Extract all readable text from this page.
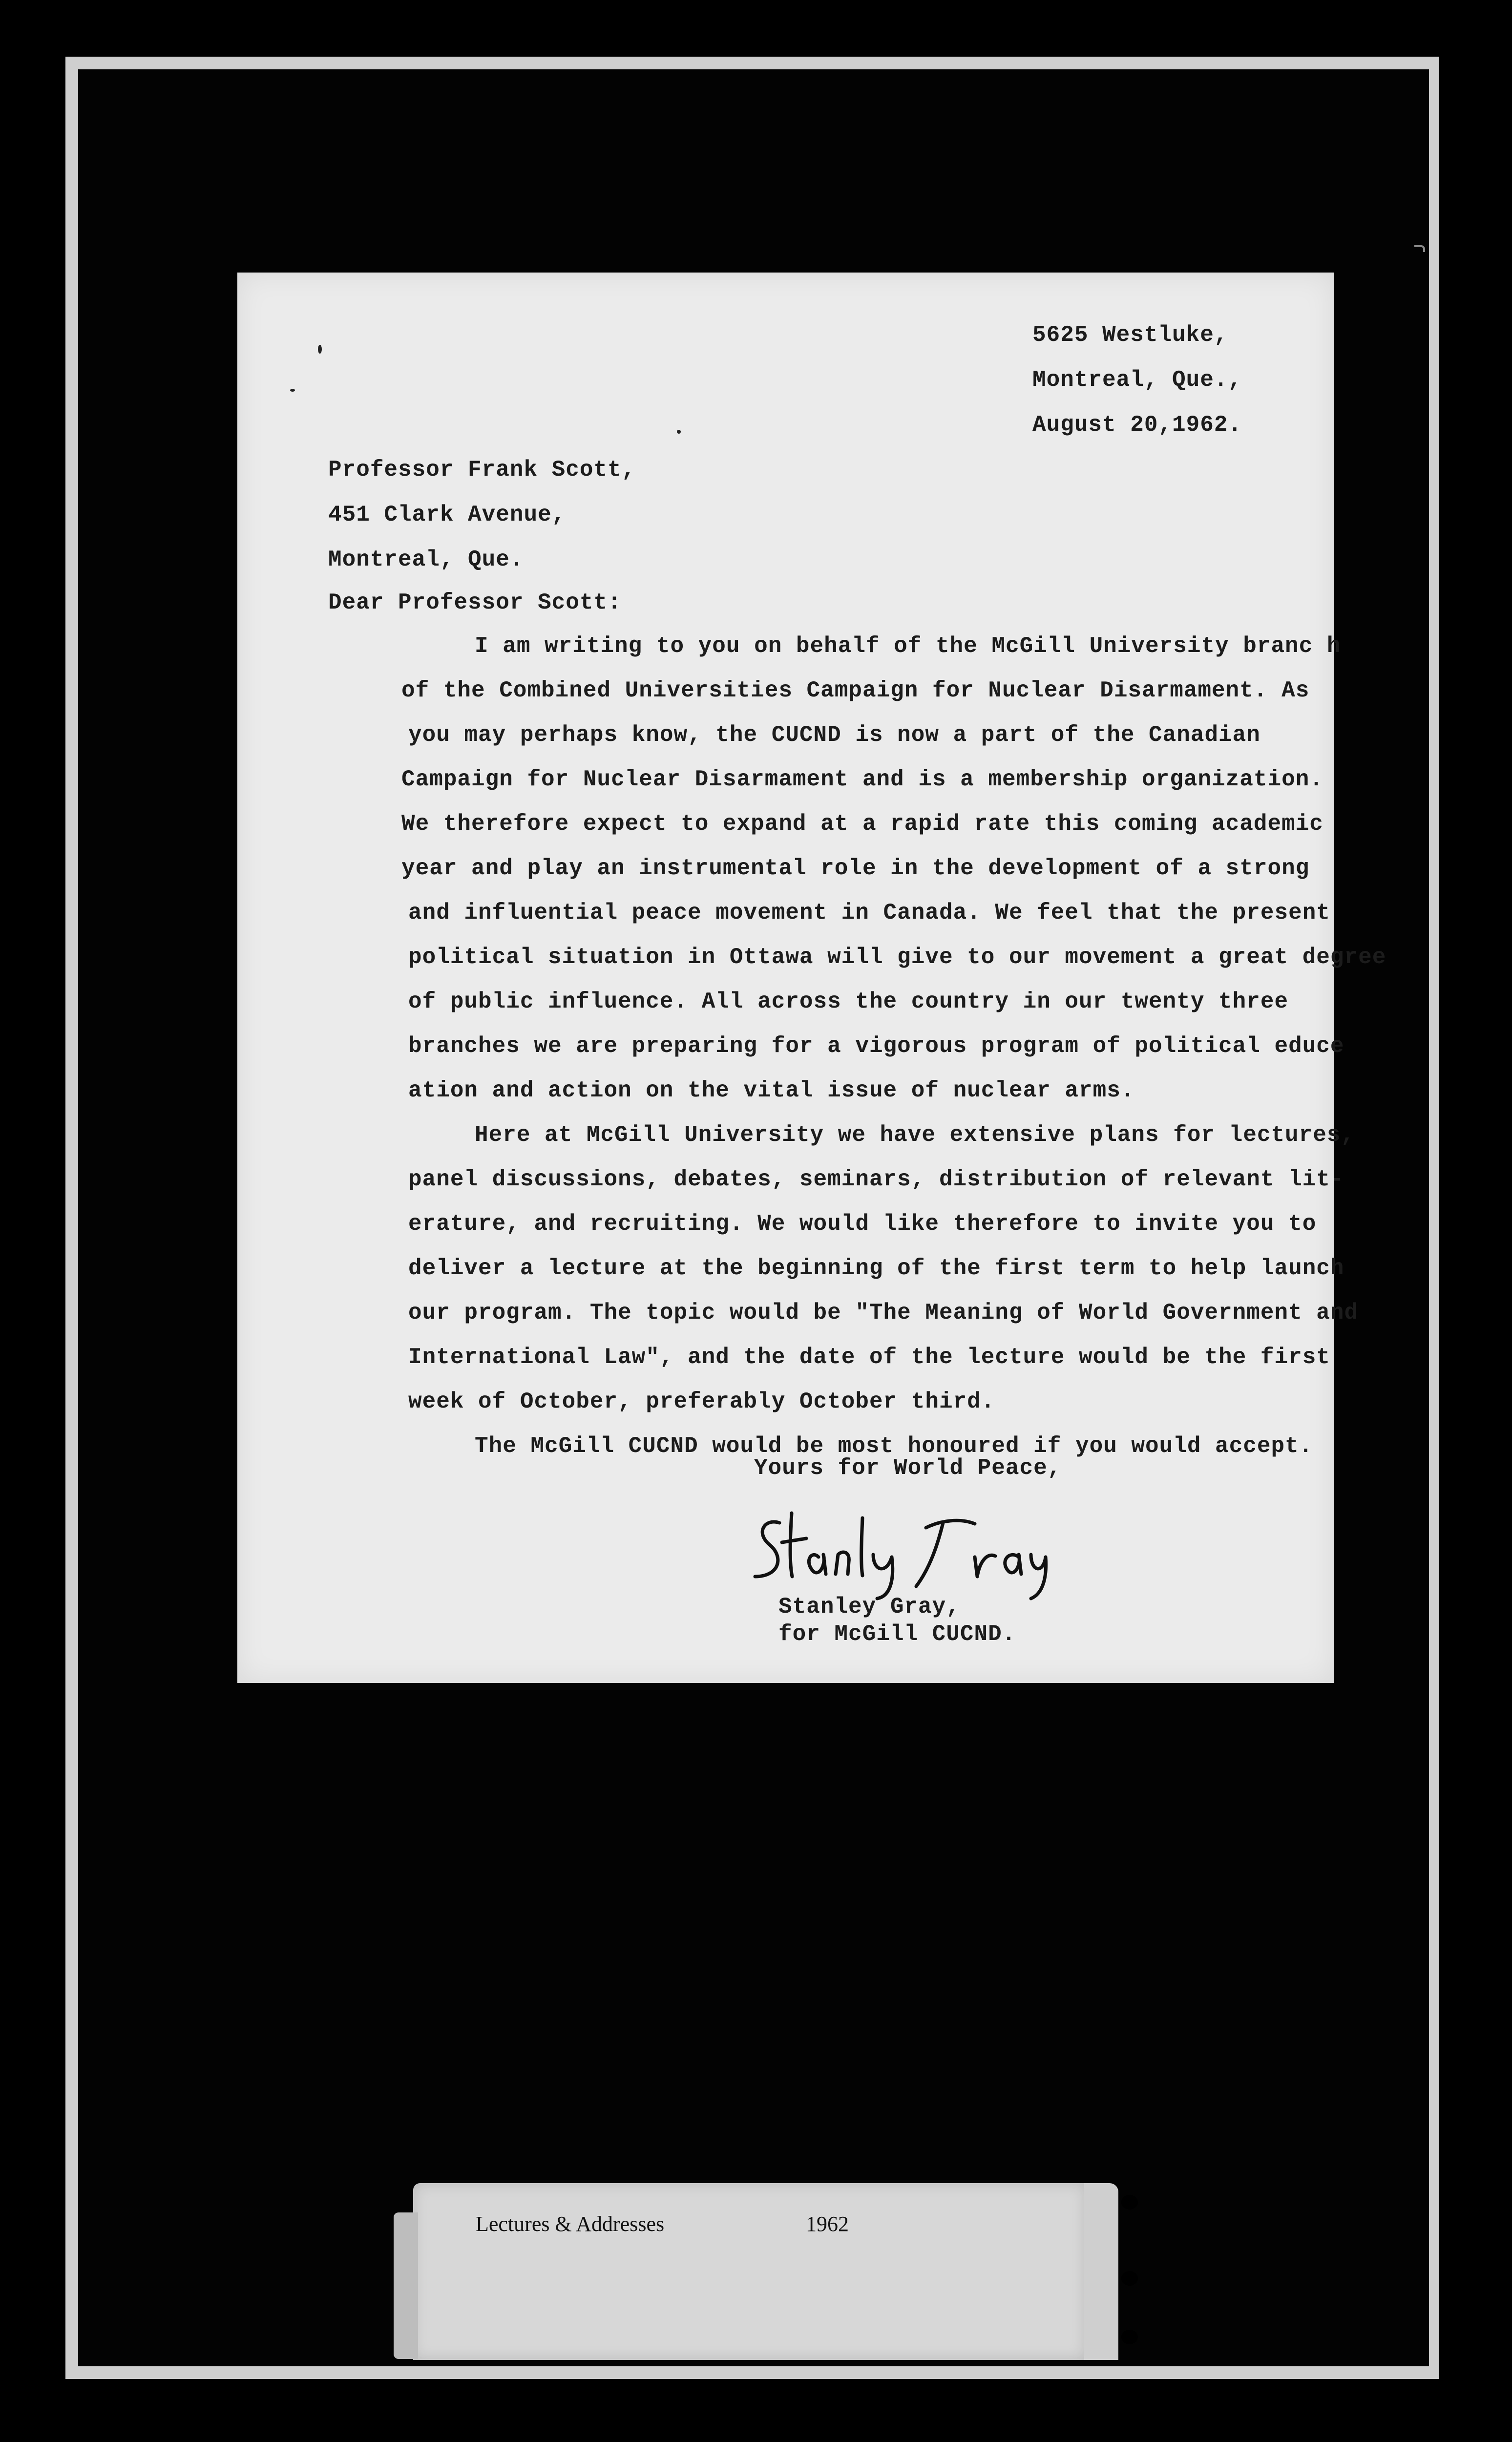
5625 Westluke,
Montreal, Que.,
August 20,1962.
Professor Frank Scott,
451 Clark Avenue,
Montreal, Que.
Dear Professor Scott:

I am writing to you on behalf of the McGill University branc h
of the Combined Universities Campaign for Nuclear Disarmament. As
you may perhaps know, the CUCND is now a part of the Canadian
Campaign for Nuclear Disarmament and is a membership organization.
We therefore expect to expand at a rapid rate this coming academic
year and play an instrumental role in the development of a strong
and influential peace movement in Canada. We feel that the present
political situation in Ottawa will give to our movement a great degree
of public influence. All across the country in our twenty three
branches we are preparing for a vigorous program of political educe
ation and action on the vital issue of nuclear arms.

Here at McGill University we have extensive plans for lectures,
panel discussions, debates, seminars, distribution of relevant lit-
erature, and recruiting. We would like therefore to invite you to
deliver a lecture at the beginning of the first term to help launch
our program. The topic would be "The Meaning of World Government and
International Law", and the date of the lecture would be the first
week of October, preferably October third.

The McGill CUCND would be most honoured if you would accept.

Yours for World Peace,
Stanley Gray,
for McGill CUCND.
Lectures & Addresses	1962
